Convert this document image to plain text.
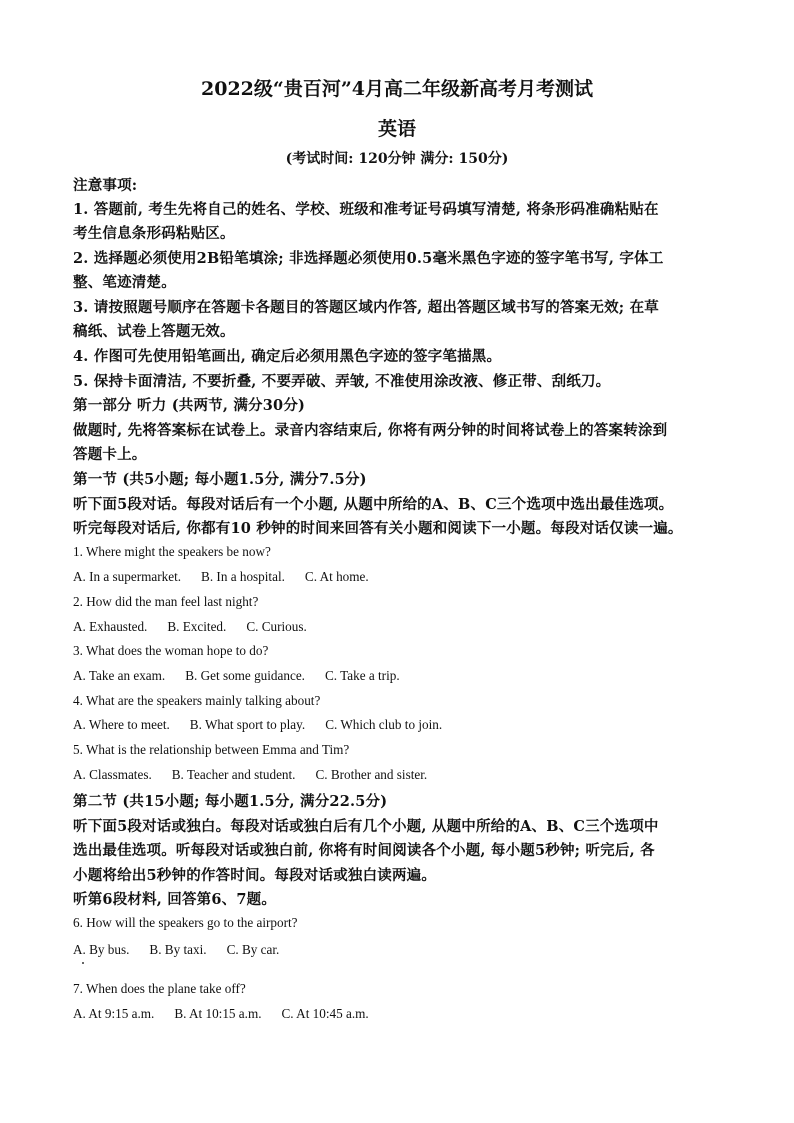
2022级“贵百河”4月高二年级新高考月考测试
英语
(考试时间: 120分钟 满分: 150分)
注意事项:
1. 答题前, 考生先将自己的姓名、学校、班级和准考证号码填写清楚, 将条形码准确粘贴在
考生信息条形码粘贴区。
2. 选择题必须使用2B铅笔填涂; 非选择题必须使用0.5毫米黑色字迹的签字笔书写, 字体工
整、笔迹清楚。
3. 请按照题号顺序在答题卡各题目的答题区域内作答, 超出答题区域书写的答案无效; 在草
稿纸、试卷上答题无效。
4. 作图可先使用铅笔画出, 确定后必须用黑色字迹的签字笔描黑。
5. 保持卡面清洁, 不要折叠, 不要弄破、弄皱, 不准使用涂改液、修正带、刮纸刀。
第一部分 听力 (共两节, 满分30分)
做题时, 先将答案标在试卷上。录音内容结束后, 你将有两分钟的时间将试卷上的答案转涂到
答题卡上。
第一节 (共5小题; 每小题1.5分, 满分7.5分)
听下面5段对话。每段对话后有一个小题, 从题中所给的A、B、C三个选项中选出最佳选项。
听完每段对话后, 你都有10 秒钟的时间来回答有关小题和阅读下一小题。每段对话仅读一遍。
1. Where might the speakers be now?
A. In a supermarket. B. In a hospital. C. At home.
2. How did the man feel last night?
A. Exhausted. B. Excited. C. Curious.
3. What does the woman hope to do?
A. Take an exam. B. Get some guidance. C. Take a trip.
4. What are the speakers mainly talking about?
A. Where to meet. B. What sport to play. C. Which club to join.
5. What is the relationship between Emma and Tim?
A. Classmates. B. Teacher and student. C. Brother and sister.
第二节 (共15小题; 每小题1.5分, 满分22.5分)
听下面5段对话或独白。每段对话或独白后有几个小题, 从题中所给的A、B、C三个选项中
选出最佳选项。听每段对话或独白前, 你将有时间阅读各个小题, 每小题5秒钟; 听完后, 各
小题将给出5秒钟的作答时间。每段对话或独白读两遍。
听第6段材料, 回答第6、7题。
6. How will the speakers go to the airport?
A. By bus. B. By taxi. C. By car.
7. When does the plane take off?
A. At 9:15 a.m. B. At 10:15 a.m. C. At 10:45 a.m.
